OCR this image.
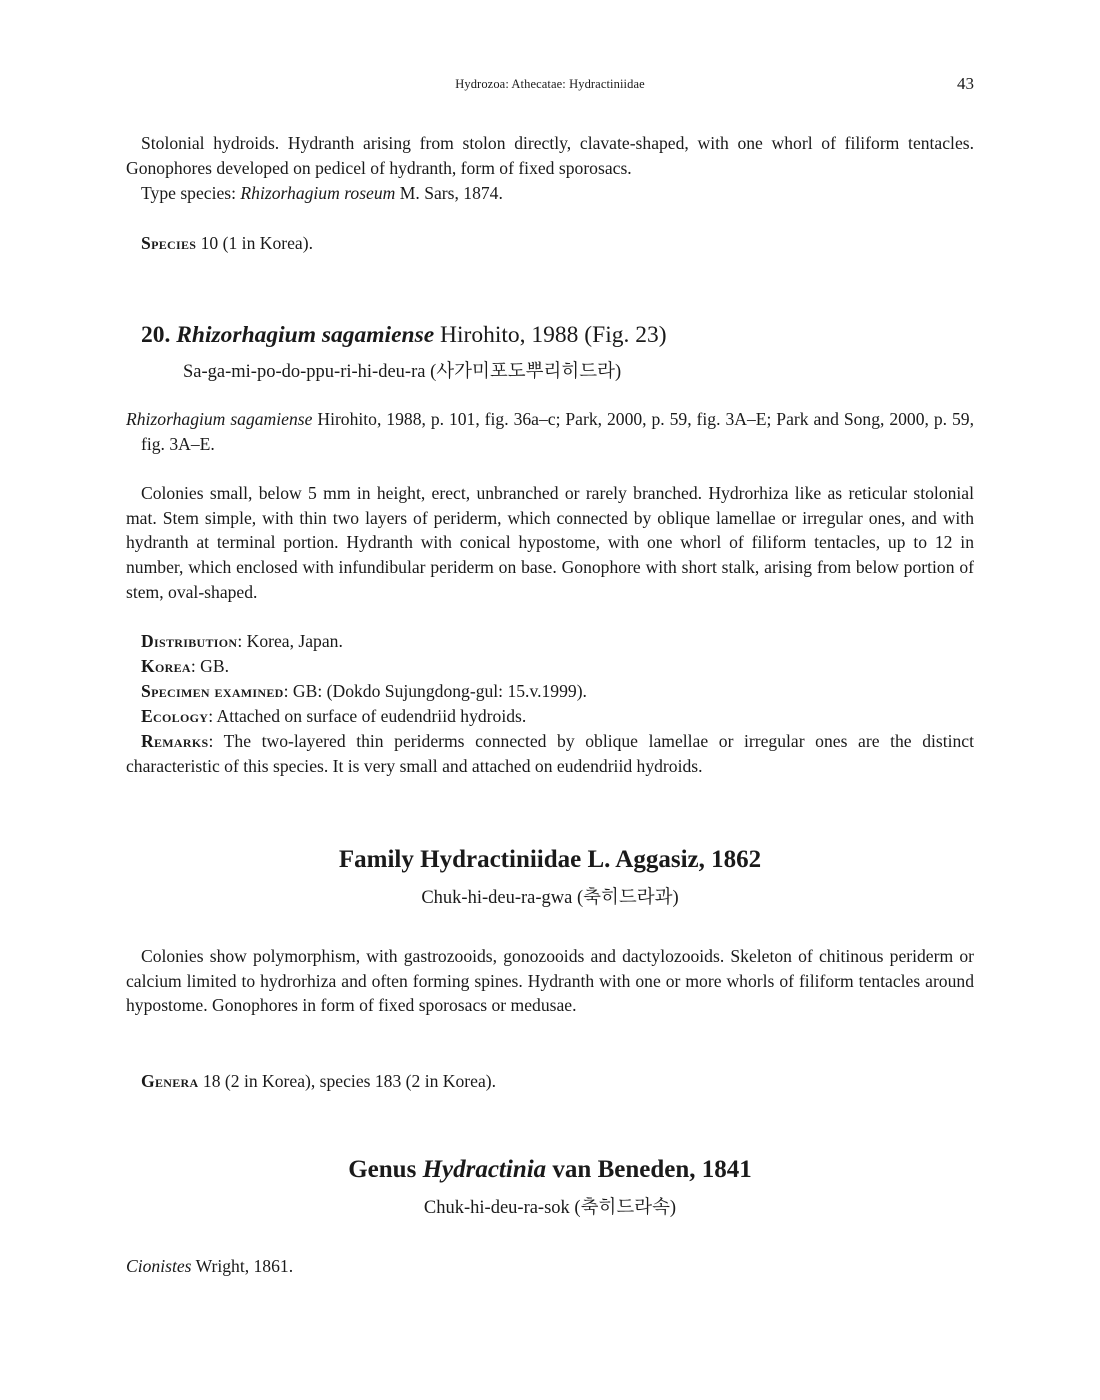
Hydrozoa: Athecatae: Hydractiniidae	43
Stolonial hydroids. Hydranth arising from stolon directly, clavate-shaped, with one whorl of filiform tentacles. Gonophores developed on pedicel of hydranth, form of fixed sporosacs.
Type species: Rhizorhagium roseum M. Sars, 1874.
Species 10 (1 in Korea).
20. Rhizorhagium sagamiense Hirohito, 1988 (Fig. 23)
Sa-ga-mi-po-do-ppu-ri-hi-deu-ra (사가미포도뿌리히드라)
Rhizorhagium sagamiense Hirohito, 1988, p. 101, fig. 36a–c; Park, 2000, p. 59, fig. 3A–E; Park and Song, 2000, p. 59, fig. 3A–E.
Colonies small, below 5 mm in height, erect, unbranched or rarely branched. Hydrorhiza like as reticular stolonial mat. Stem simple, with thin two layers of periderm, which connected by oblique lamellae or irregular ones, and with hydranth at terminal portion. Hydranth with conical hypostome, with one whorl of filiform tentacles, up to 12 in number, which enclosed with infundibular periderm on base. Gonophore with short stalk, arising from below portion of stem, oval-shaped.
Distribution: Korea, Japan.
Korea: GB.
Specimen examined: GB: (Dokdo Sujungdong-gul: 15.v.1999).
Ecology: Attached on surface of eudendriid hydroids.
Remarks: The two-layered thin periderms connected by oblique lamellae or irregular ones are the distinct characteristic of this species. It is very small and attached on eudendriid hydroids.
Family Hydractiniidae L. Aggasiz, 1862
Chuk-hi-deu-ra-gwa (축히드라과)
Colonies show polymorphism, with gastrozooids, gonozooids and dactylozooids. Skeleton of chitinous periderm or calcium limited to hydrorhiza and often forming spines. Hydranth with one or more whorls of filiform tentacles around hypostome. Gonophores in form of fixed sporosacs or medusae.
Genera 18 (2 in Korea), species 183 (2 in Korea).
Genus Hydractinia van Beneden, 1841
Chuk-hi-deu-ra-sok (축히드라속)
Cionistes Wright, 1861.
